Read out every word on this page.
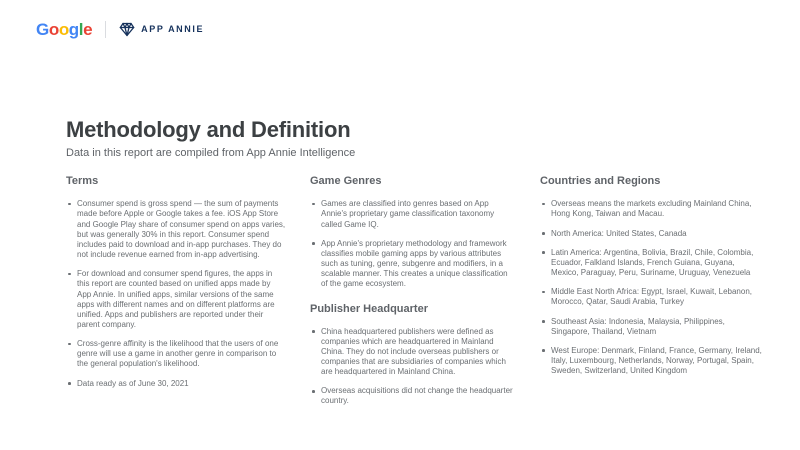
G o o g l e	APP ANNIE
Methodology and Definition

Data in this report are compiled from App Annie Intelligence

Terms
Consumer spend is gross spend — the sum of payments made before Apple or Google takes a fee. iOS App Store and Google Play share of consumer spend on apps varies, but was generally 30% in this report. Consumer spend includes paid to download and in-app purchases. They do not include revenue earned from in-app advertising.
For download and consumer spend figures, the apps in this report are counted based on unified apps made by App Annie. In unified apps, similar versions of the same apps with different names and on different platforms are unified. Apps and publishers are reported under their parent company.
Cross-genre affinity is the likelihood that the users of one genre will use a game in another genre in comparison to the general population's likelihood.
Data ready as of June 30, 2021
Game Genres
Games are classified into genres based on App Annie's proprietary game classification taxonomy called Game IQ.
App Annie's proprietary methodology and framework classifies mobile gaming apps by various attributes such as tuning, genre, subgenre and modifiers, in a scalable manner. This creates a unique classification of the game ecosystem.
Publisher Headquarter
China headquartered publishers were defined as companies which are headquartered in Mainland China. They do not include overseas publishers or companies that are subsidiaries of companies which are headquartered in Mainland China.
Overseas acquisitions did not change the headquarter country.
Countries and Regions
Overseas means the markets excluding Mainland China, Hong Kong, Taiwan and Macau.
North America: United States, Canada
Latin America: Argentina, Bolivia, Brazil, Chile, Colombia, Ecuador, Falkland Islands, French Guiana, Guyana, Mexico, Paraguay, Peru, Suriname, Uruguay, Venezuela
Middle East North Africa: Egypt, Israel, Kuwait, Lebanon, Morocco, Qatar, Saudi Arabia, Turkey
Southeast Asia: Indonesia, Malaysia, Philippines, Singapore, Thailand, Vietnam
West Europe: Denmark, Finland, France, Germany, Ireland, Italy, Luxembourg, Netherlands, Norway, Portugal, Spain, Sweden, Switzerland, United Kingdom
